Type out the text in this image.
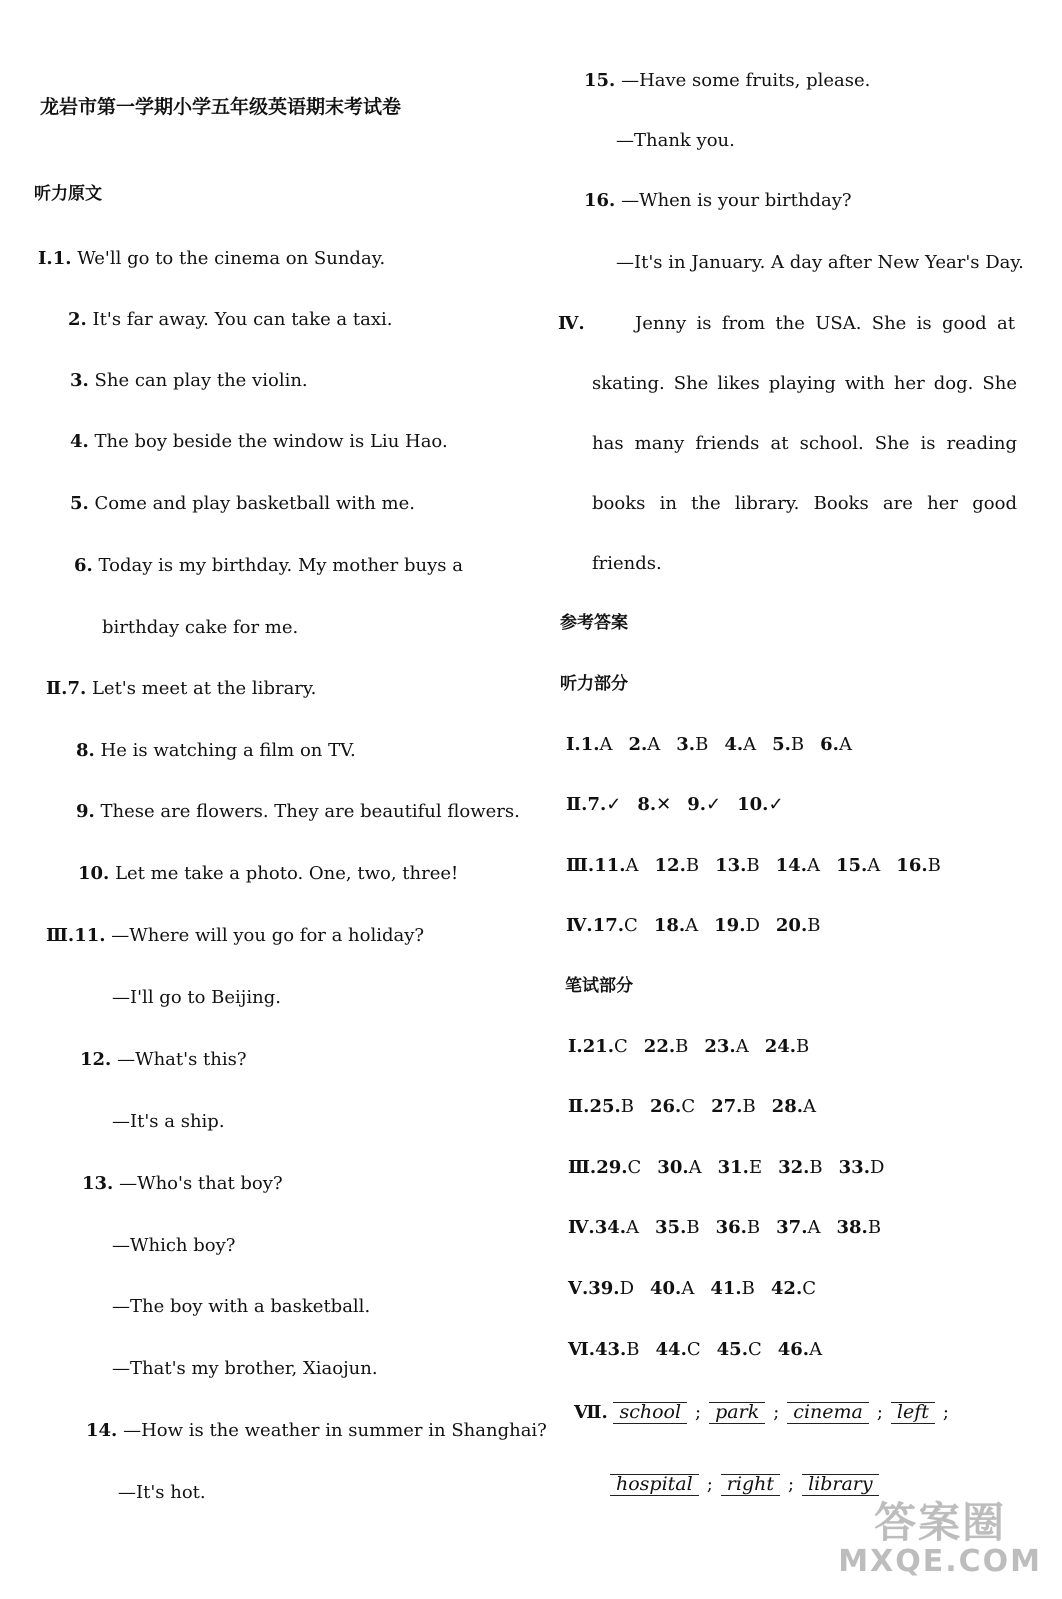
龙岩市第一学期小学五年级英语期末考试卷
听力原文
Ⅰ.1. We'll go to the cinema on Sunday.
2. It's far away. You can take a taxi.
3. She can play the violin.
4. The boy beside the window is Liu Hao.
5. Come and play basketball with me.
6. Today is my birthday. My mother buys a
birthday cake for me.
Ⅱ.7. Let's meet at the library.
8. He is watching a film on TV.
9. These are flowers. They are beautiful flowers.
10. Let me take a photo. One, two, three!
Ⅲ.11. —Where will you go for a holiday?
—I'll go to Beijing.
12. —What's this?
—It's a ship.
13. —Who's that boy?
—Which boy?
—The boy with a basketball.
—That's my brother, Xiaojun.
14. —How is the weather in summer in Shanghai?
—It's hot.
15. —Have some fruits, please.
—Thank you.
16. —When is your birthday?
—It's in January. A day after New Year's Day.
Ⅳ.	Jenny is from the USA. She is good at
skating. She likes playing with her dog. She
has many friends at school. She is reading
books in the library. Books are her good
friends.
参考答案
听力部分
Ⅰ.1.A 2.A 3.B 4.A 5.B 6.A
Ⅱ.7.✓ 8.✕ 9.✓ 10.✓
Ⅲ.11.A 12.B 13.B 14.A 15.A 16.B
Ⅳ.17.C 18.A 19.D 20.B
笔试部分
Ⅰ.21.C 22.B 23.A 24.B
Ⅱ.25.B 26.C 27.B 28.A
Ⅲ.29.C 30.A 31.E 32.B 33.D
Ⅳ.34.A 35.B 36.B 37.A 38.B
Ⅴ.39.D 40.A 41.B 42.C
Ⅵ.43.B 44.C 45.C 46.A
Ⅶ. school ; park ; cinema ; left ;
hospital ; right ; library
答案圈
MXQE.COM
